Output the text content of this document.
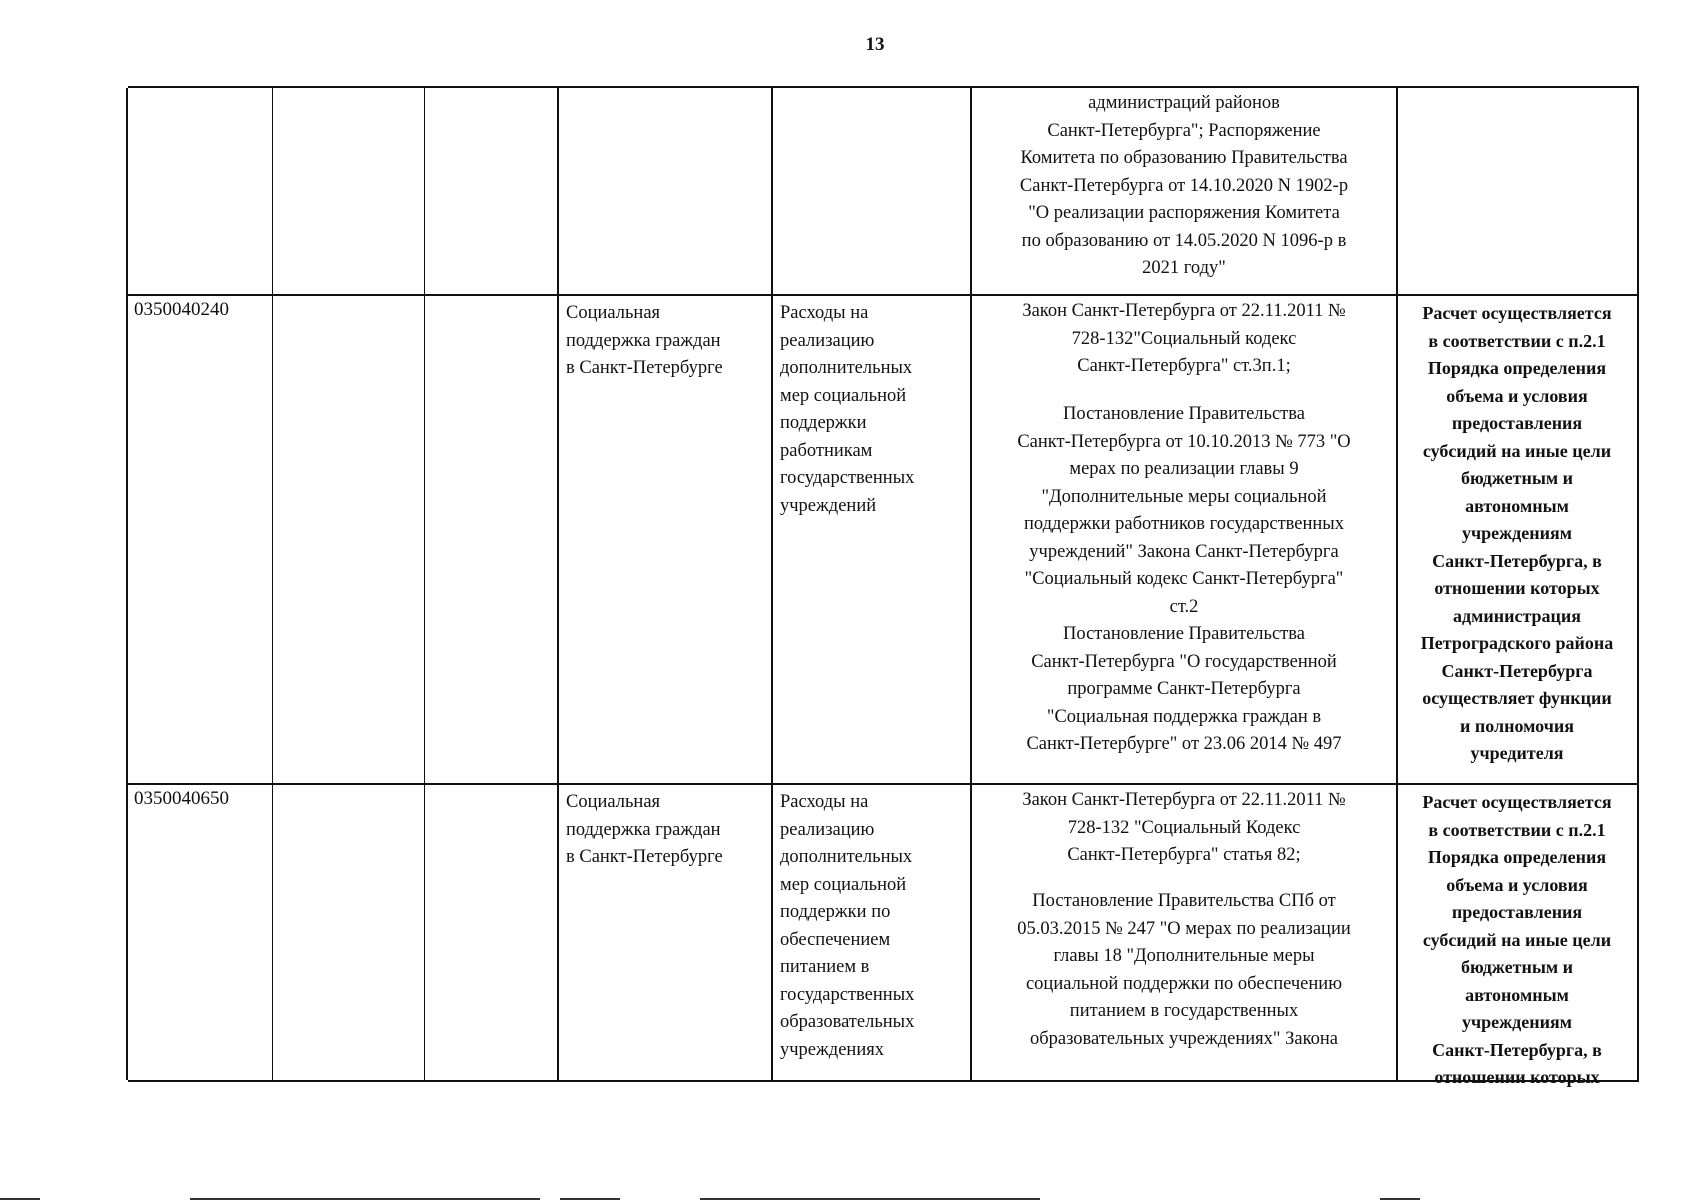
13
администраций районов
Санкт-Петербурга"; Распоряжение
Комитета по образованию Правительства
Санкт-Петербурга от 14.10.2020 N 1902-р
"О реализации распоряжения Комитета
по образованию от 14.05.2020 N 1096-р в
2021 году"
0350040240	Социальная
поддержка граждан
в Санкт-Петербурге
Расходы на
реализацию
дополнительных
мер социальной
поддержки
работникам
государственных
учреждений
Закон Санкт-Петербурга от 22.11.2011 №
728-132"Социальный кодекс
Санкт-Петербурга" ст.3п.1;
Постановление Правительства
Санкт-Петербурга от 10.10.2013 № 773 "О
мерах по реализации главы 9
"Дополнительные меры социальной
поддержки работников государственных
учреждений" Закона Санкт-Петербурга
"Социальный кодекс Санкт-Петербурга"
ст.2
Постановление Правительства
Санкт-Петербурга "О государственной
программе Санкт-Петербурга
"Социальная поддержка граждан в
Санкт-Петербурге" от 23.06 2014 № 497
Расчет осуществляется
в соответствии с п.2.1
Порядка определения
объема и условия
предоставления
субсидий на иные цели
бюджетным и
автономным
учреждениям
Санкт-Петербурга, в
отношении которых
администрация
Петроградского района
Санкт-Петербурга
осуществляет функции
и полномочия
учредителя
0350040650	Социальная
поддержка граждан
в Санкт-Петербурге
Расходы на
реализацию
дополнительных
мер социальной
поддержки по
обеспечением
питанием в
государственных
образовательных
учреждениях
Закон Санкт-Петербурга от 22.11.2011 №
728-132 "Социальный Кодекс
Санкт-Петербурга" статья 82;
Постановление Правительства СПб от
05.03.2015 № 247 "О мерах по реализации
главы 18 "Дополнительные меры
социальной поддержки по обеспечению
питанием в государственных
образовательных учреждениях" Закона
Расчет осуществляется
в соответствии с п.2.1
Порядка определения
объема и условия
предоставления
субсидий на иные цели
бюджетным и
автономным
учреждениям
Санкт-Петербурга, в
отношении которых
